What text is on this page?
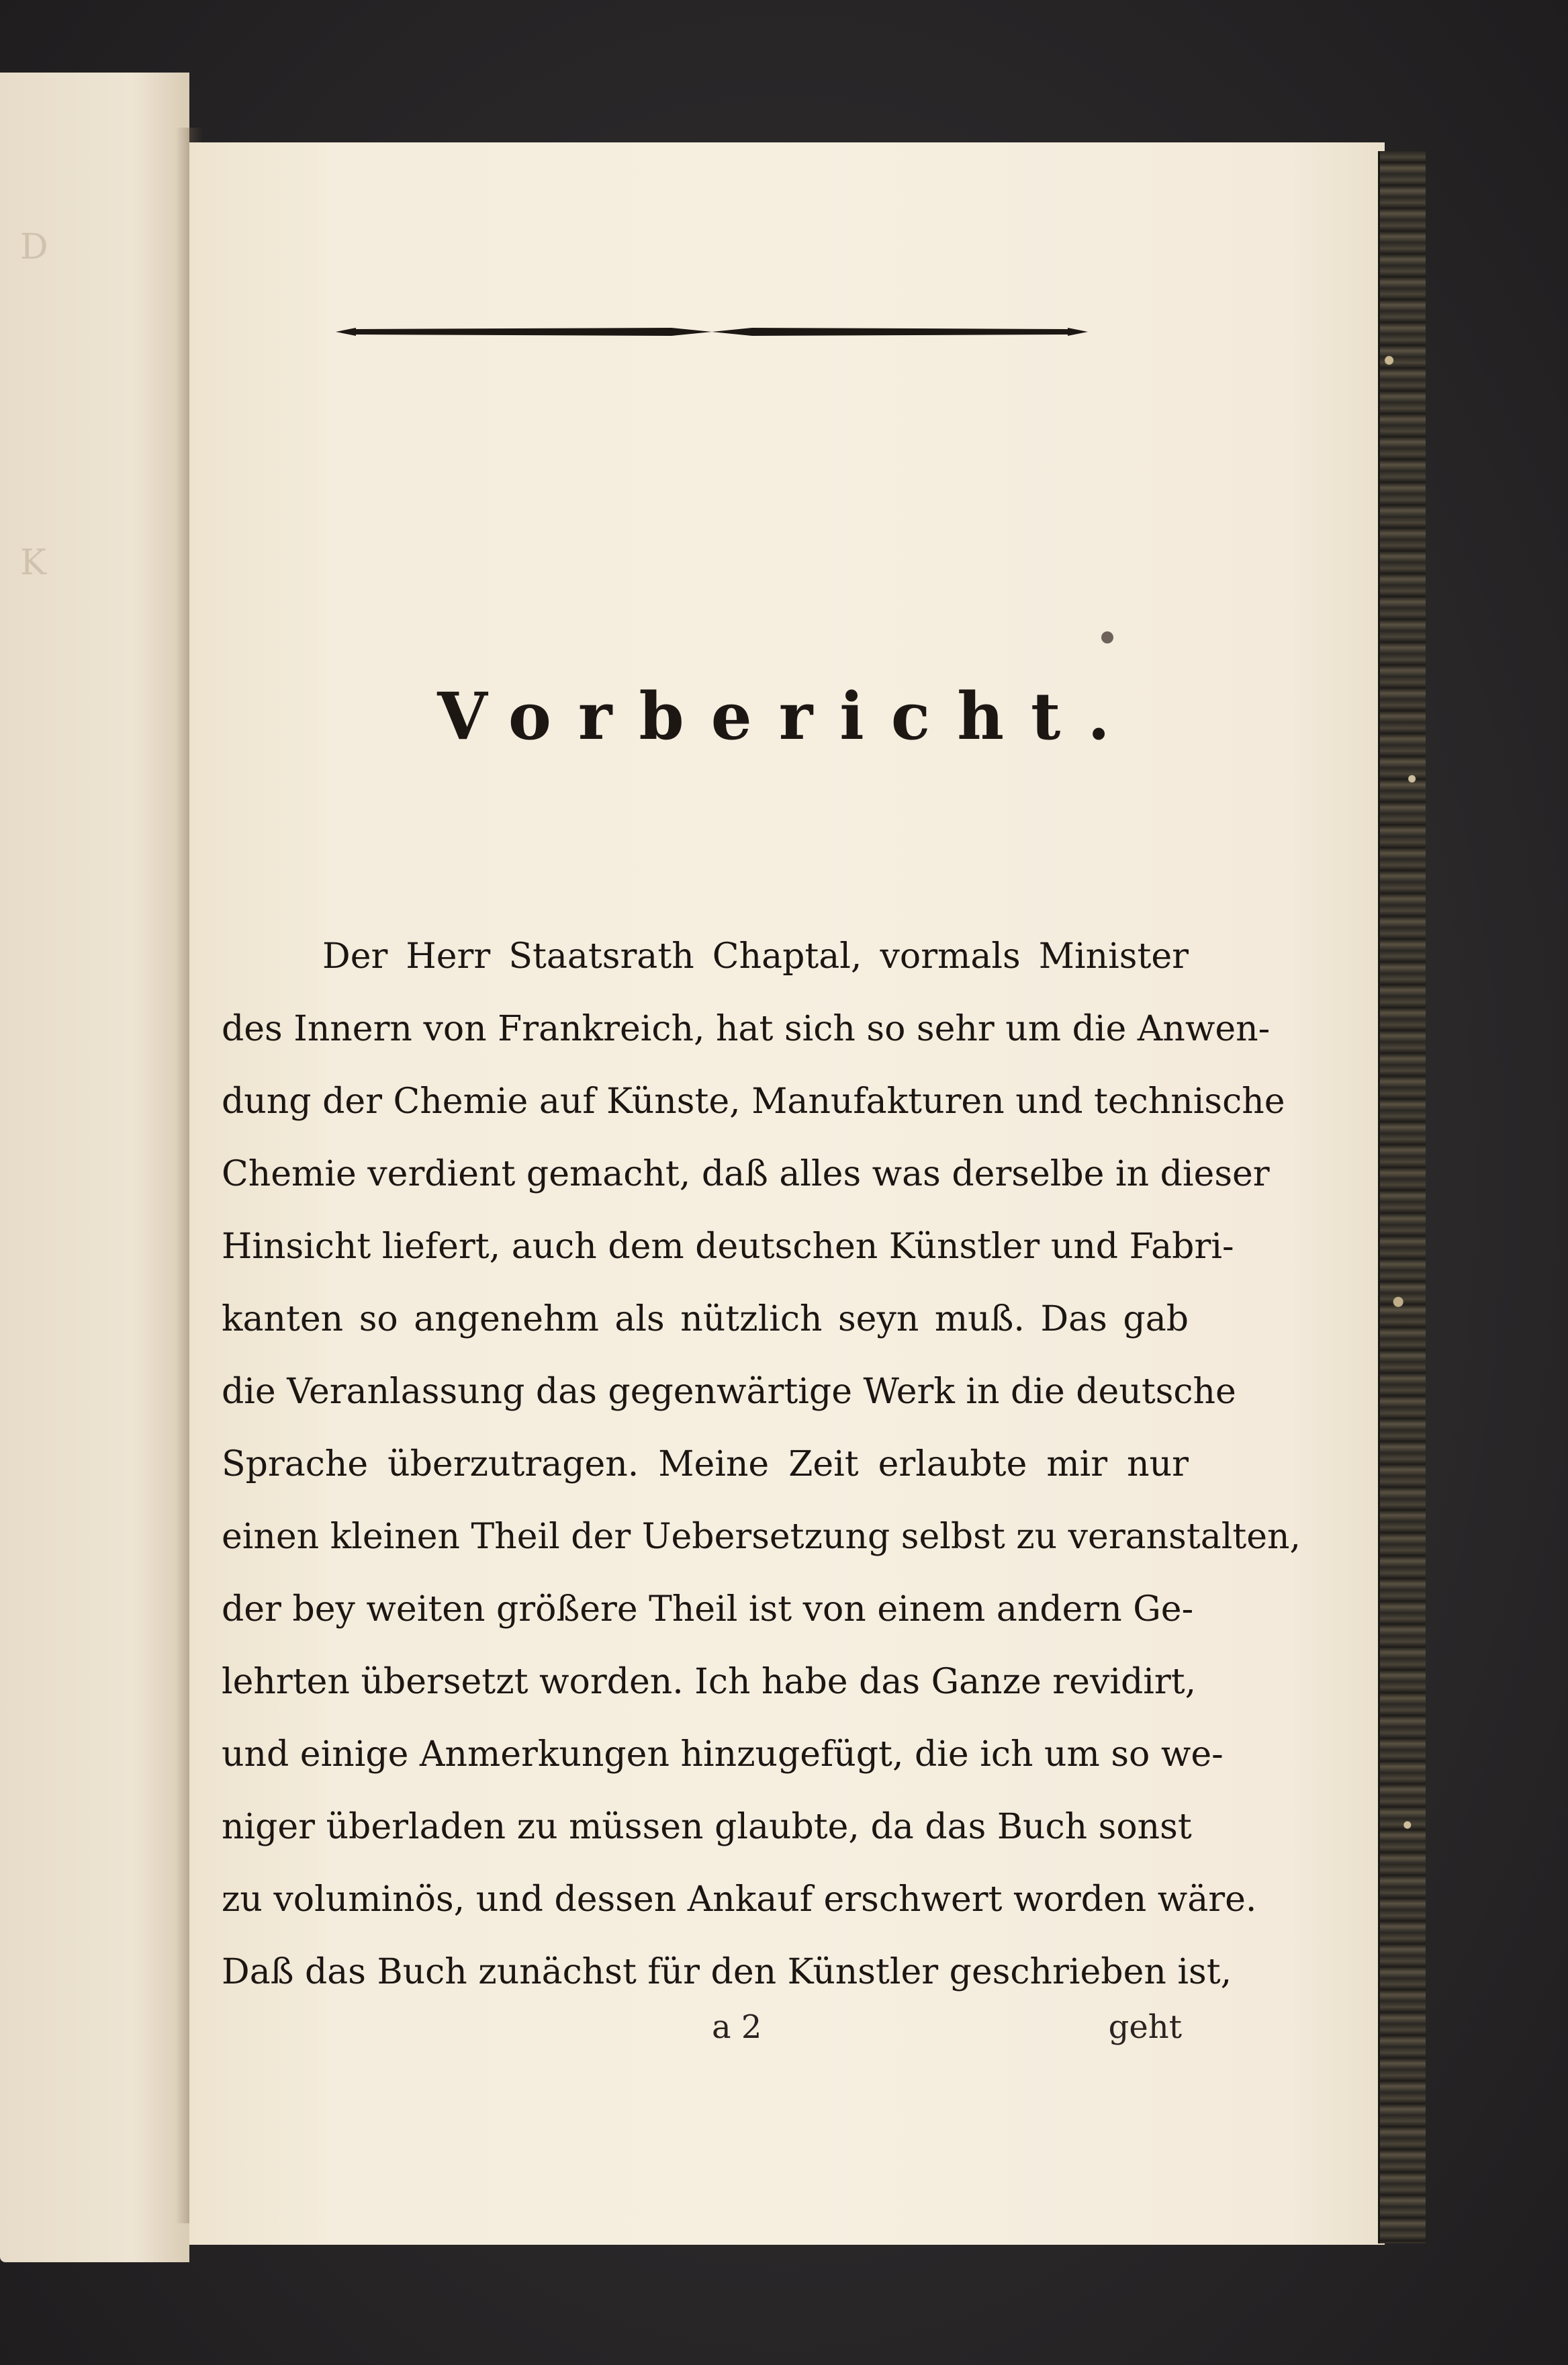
D
K
Vorbericht.
Der Herr Staatsrath Chaptal, vormals Minister
des Innern von Frankreich, hat sich so sehr um die Anwen-
dung der Chemie auf Künste, Manufakturen und technische
Chemie verdient gemacht, daß alles was derselbe in dieser
Hinsicht liefert, auch dem deutschen Künstler und Fabri-
kanten so angenehm als nützlich seyn muß. Das gab
die Veranlassung das gegenwärtige Werk in die deutsche
Sprache überzutragen. Meine Zeit erlaubte mir nur
einen kleinen Theil der Uebersetzung selbst zu veranstalten,
der bey weiten größere Theil ist von einem andern Ge-
lehrten übersetzt worden. Ich habe das Ganze revidirt,
und einige Anmerkungen hinzugefügt, die ich um so we-
niger überladen zu müssen glaubte, da das Buch sonst
zu voluminös, und dessen Ankauf erschwert worden wäre.
Daß das Buch zunächst für den Künstler geschrieben ist,
a 2	geht
